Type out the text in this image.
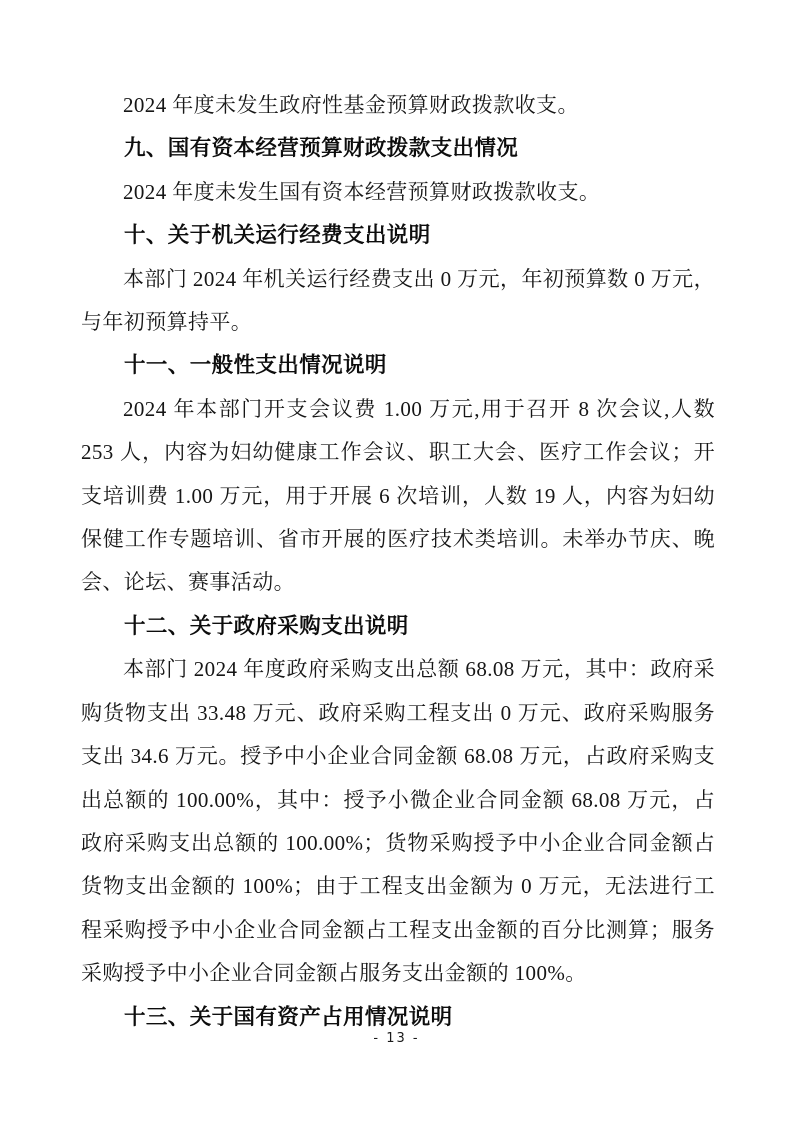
2024 年度未发生政府性基金预算财政拨款收支。

九、国有资本经营预算财政拨款支出情况

2024 年度未发生国有资本经营预算财政拨款收支。

十、关于机关运行经费支出说明

本部门 2024 年机关运行经费支出 0 万元，年初预算数 0 万元，与年初预算持平。

十一、一般性支出情况说明

2024 年本部门开支会议费 1.00 万元,用于召开 8 次会议,人数 253 人，内容为妇幼健康工作会议、职工大会、医疗工作会议；开支培训费 1.00 万元，用于开展 6 次培训，人数 19 人，内容为妇幼保健工作专题培训、省市开展的医疗技术类培训。未举办节庆、晚会、论坛、赛事活动。

十二、关于政府采购支出说明

本部门 2024 年度政府采购支出总额 68.08 万元，其中：政府采购货物支出 33.48 万元、政府采购工程支出 0 万元、政府采购服务支出 34.6 万元。授予中小企业合同金额 68.08 万元，占政府采购支出总额的 100.00%，其中：授予小微企业合同金额 68.08 万元，占政府采购支出总额的 100.00%；货物采购授予中小企业合同金额占货物支出金额的 100%；由于工程支出金额为 0 万元，无法进行工程采购授予中小企业合同金额占工程支出金额的百分比测算；服务采购授予中小企业合同金额占服务支出金额的 100%。

十三、关于国有资产占用情况说明

- 13 -
